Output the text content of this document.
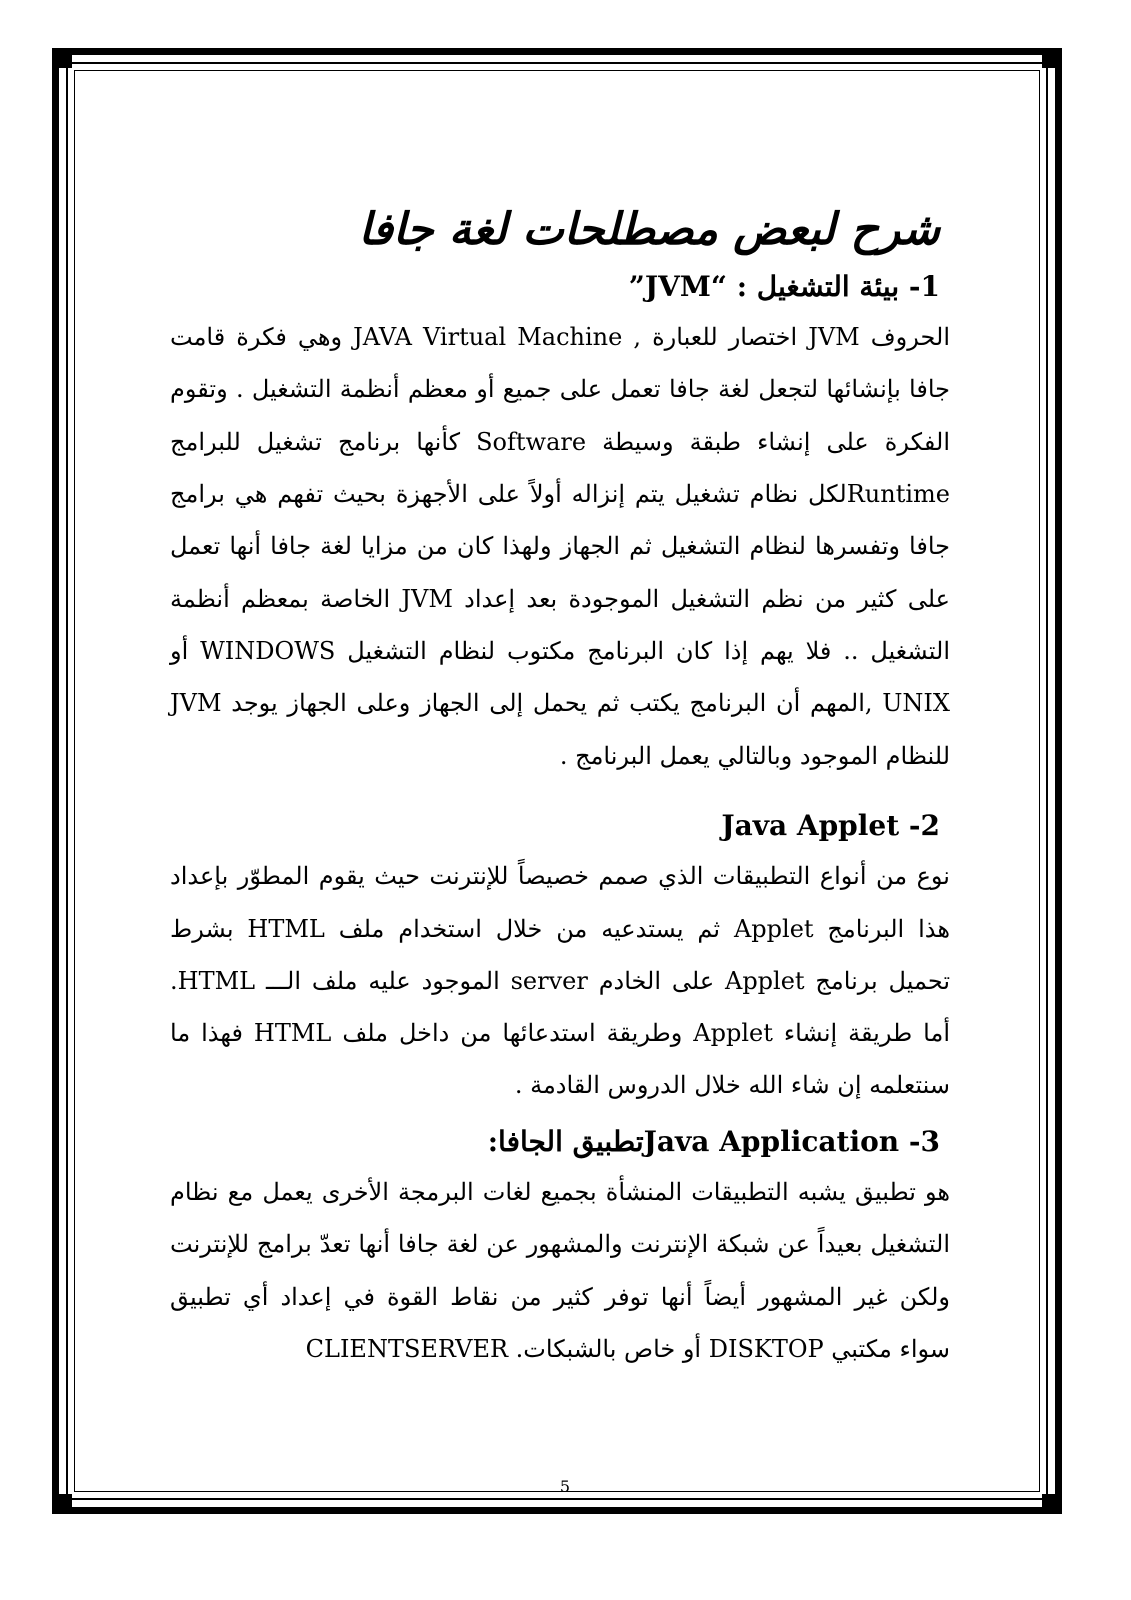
شرح لبعض مصطلحات لغة جافا
1- بيئة التشغيل : “JVM”

الحروف JVM اختصار للعبارة , JAVA Virtual Machine وهي فكرة قامت جافا بإنشائها لتجعل لغة جافا تعمل على جميع أو معظم أنظمة التشغيل . وتقوم الفكرة على إنشاء طبقة وسيطة Software كأنها برنامج تشغيل للبرامج Runtimeلكل نظام تشغيل يتم إنزاله أولاً على الأجهزة بحيث تفهم هي برامج جافا وتفسرها لنظام التشغيل ثم الجهاز ولهذا كان من مزايا لغة جافا أنها تعمل على كثير من نظم التشغيل الموجودة بعد إعداد JVM الخاصة بمعظم أنظمة التشغيل .. فلا يهم إذا كان البرنامج مكتوب لنظام التشغيل WINDOWS أو UNIX ,المهم أن البرنامج يكتب ثم يحمل إلى الجهاز وعلى الجهاز يوجد JVM للنظام الموجود وبالتالي يعمل البرنامج .

Java Applet -2

نوع من أنواع التطبيقات الذي صمم خصيصاً للإنترنت حيث يقوم المطوّر بإعداد هذا البرنامج Applet ثم يستدعيه من خلال استخدام ملف HTML بشرط تحميل برنامج Applet على الخادم server الموجود عليه ملف الـــ HTML. أما طريقة إنشاء Applet وطريقة استدعائها من داخل ملف HTML فهذا ما سنتعلمه إن شاء الله خلال الدروس القادمة .

Java Application -3تطبيق الجافا:

هو تطبيق يشبه التطبيقات المنشأة بجميع لغات البرمجة الأخرى يعمل مع نظام التشغيل بعيداً عن شبكة الإنترنت والمشهور عن لغة جافا أنها تعدّ برامج للإنترنت ولكن غير المشهور أيضاً أنها توفر كثير من نقاط القوة في إعداد أي تطبيق سواء مكتبي DISKTOP أو خاص بالشبكات. CLIENTSERVER

5
